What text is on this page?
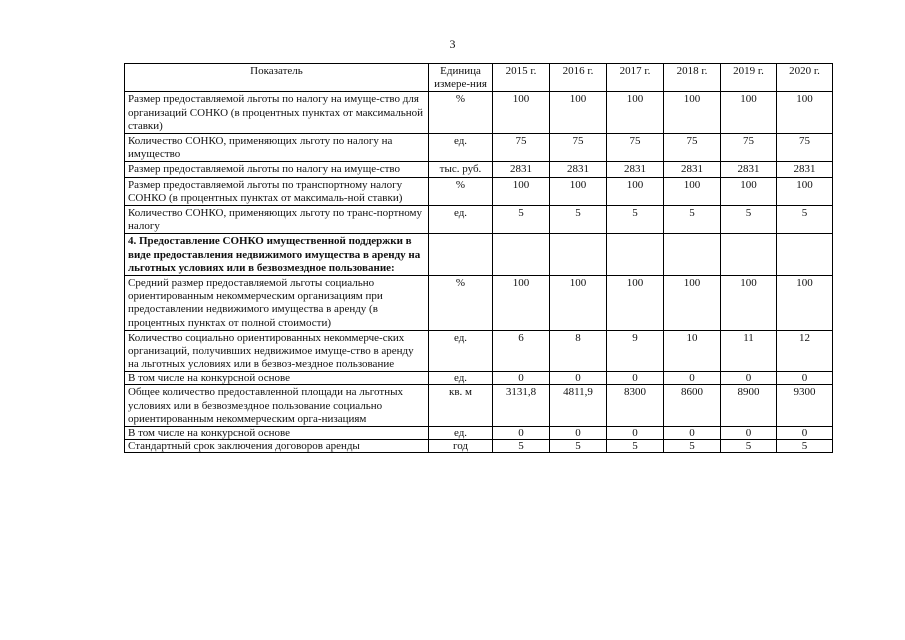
3
Показатель	Единица измере-ния	2015 г.	2016 г.	2017 г.	2018 г.	2019 г.	2020 г.
Размер предоставляемой льготы по налогу на имуще-ство для организаций СОНКО (в процентных пунктах от максимальной ставки)	%	100	100	100	100	100	100
Количество СОНКО, применяющих льготу по налогу на имущество	ед.	75	75	75	75	75	75
Размер предоставляемой льготы по налогу на имуще-ство	тыс. руб.	2831	2831	2831	2831	2831	2831
Размер предоставляемой льготы по транспортному налогу СОНКО (в процентных пунктах от максималь-ной ставки)	%	100	100	100	100	100	100
Количество СОНКО, применяющих льготу по транс-портному налогу	ед.	5	5	5	5	5	5
4. Предоставление СОНКО имущественной поддержки в виде предоставления недвижимого имущества в аренду на льготных условиях или в безвозмездное пользование:							
Средний размер предоставляемой льготы социально ориентированным некоммерческим организациям при предоставлении недвижимого имущества в аренду (в процентных пунктах от полной стоимости)	%	100	100	100	100	100	100
Количество социально ориентированных некоммерче-ских организаций, получивших недвижимое имуще-ство в аренду на льготных условиях или в безвоз-мездное пользование	ед.	6	8	9	10	11	12
В том числе на конкурсной основе	ед.	0	0	0	0	0	0
Общее количество предоставленной площади на льготных условиях или в безвозмездное пользование социально ориентированным некоммерческим орга-низациям	кв. м	3131,8	4811,9	8300	8600	8900	9300
В том числе на конкурсной основе	ед.	0	0	0	0	0	0
Стандартный срок заключения договоров аренды	год	5	5	5	5	5	5
